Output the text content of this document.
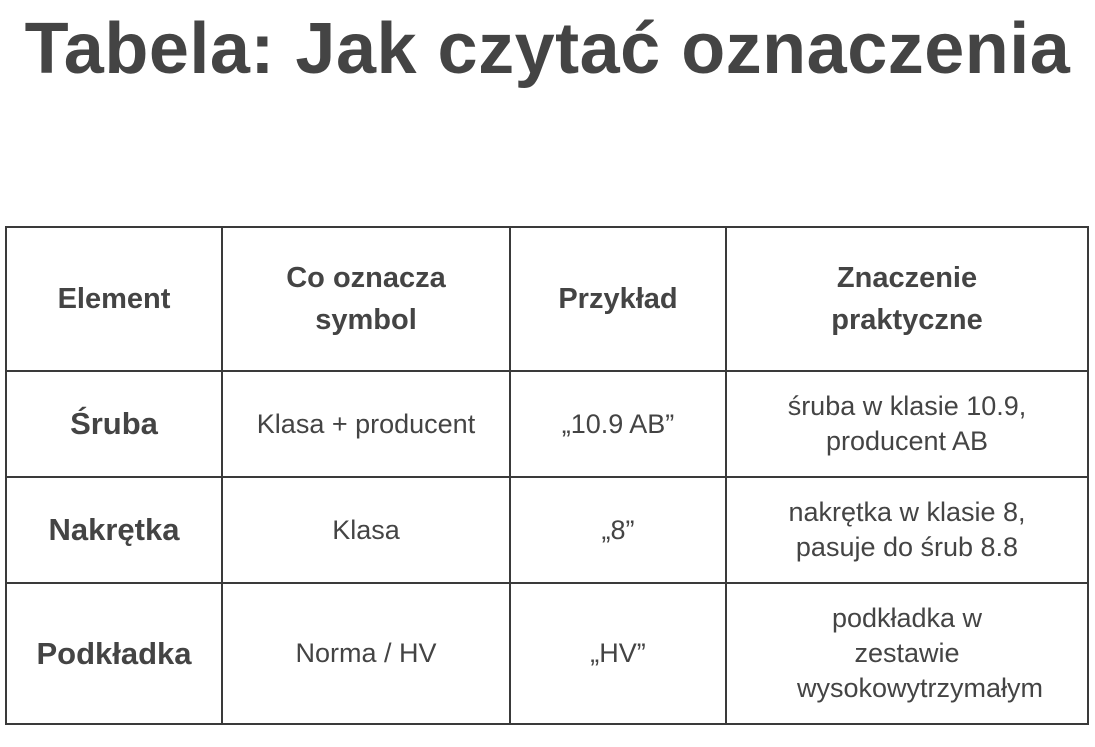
Tabela: Jak czytać oznaczenia
Element	Co oznacza symbol	Przykład	Znaczenie praktyczne
Śruba	Klasa + producent	„10.9 AB”	śruba w klasie 10.9, producent AB
Nakrętka	Klasa	„8”	nakrętka w klasie 8, pasuje do śrub 8.8
Podkładka	Norma / HV	„HV”	podkładka w zestawie wysokowytrzymałym
